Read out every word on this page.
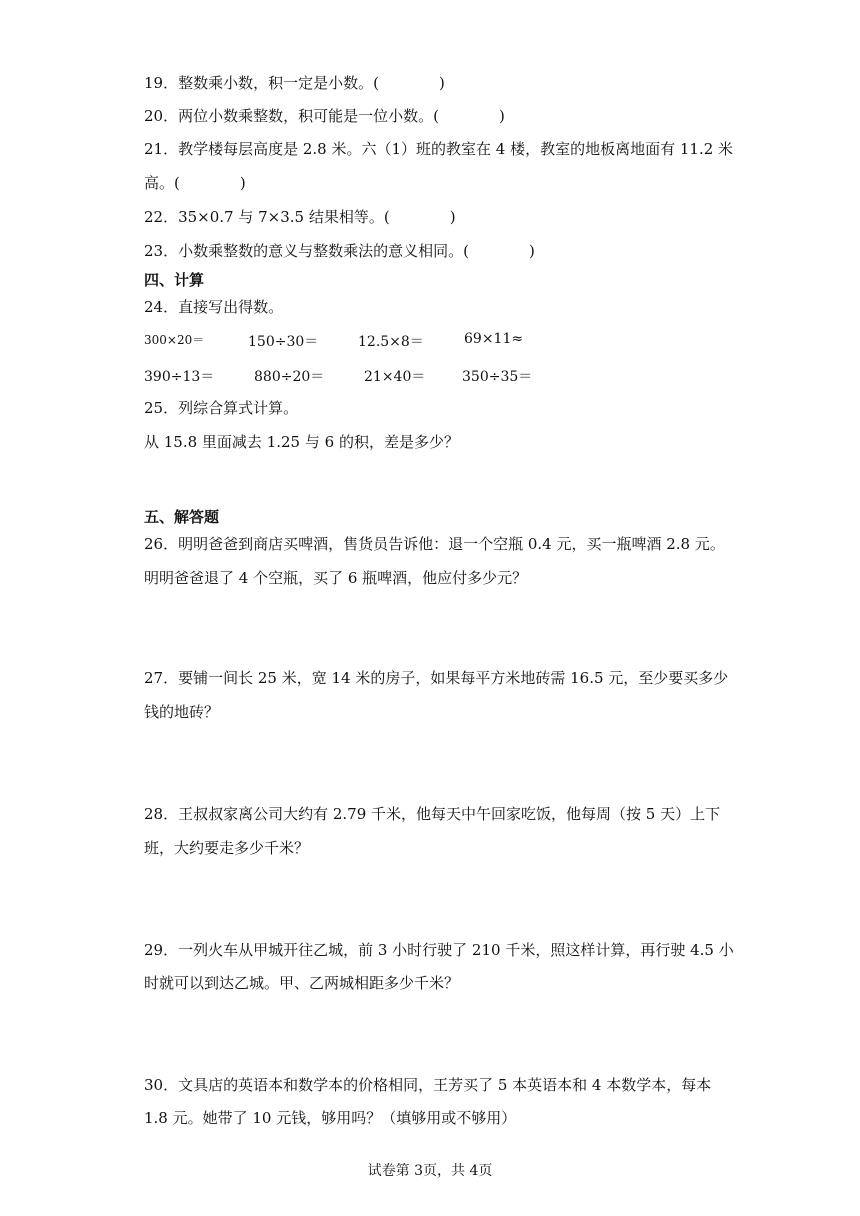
19．整数乘小数，积一定是小数。(　　　　)
20．两位小数乘整数，积可能是一位小数。(　　　　)
21．教学楼每层高度是 2.8 米。六（1）班的教室在 4 楼，教室的地板离地面有 11.2 米
高。(　　　　)
22．35×0.7 与 7×3.5 结果相等。(　　　　)
23．小数乘整数的意义与整数乘法的意义相同。(　　　　)
四、计算
24．直接写出得数。
300×20＝	150÷30＝	12.5×8＝	69×11≈
390÷13＝	880÷20＝	21×40＝	350÷35＝
25．列综合算式计算。
从 15.8 里面减去 1.25 与 6 的积，差是多少？
五、解答题
26．明明爸爸到商店买啤酒，售货员告诉他：退一个空瓶 0.4 元，买一瓶啤酒 2.8 元。
明明爸爸退了 4 个空瓶，买了 6 瓶啤酒，他应付多少元？
27．要铺一间长 25 米，宽 14 米的房子，如果每平方米地砖需 16.5 元，至少要买多少
钱的地砖？
28．王叔叔家离公司大约有 2.79 千米，他每天中午回家吃饭，他每周（按 5 天）上下
班，大约要走多少千米？
29．一列火车从甲城开往乙城，前 3 小时行驶了 210 千米，照这样计算，再行驶 4.5 小
时就可以到达乙城。甲、乙两城相距多少千米？
30．文具店的英语本和数学本的价格相同，王芳买了 5 本英语本和 4 本数学本，每本
1.8 元。她带了 10 元钱，够用吗？（填够用或不够用）
试卷第 3页，共 4页
